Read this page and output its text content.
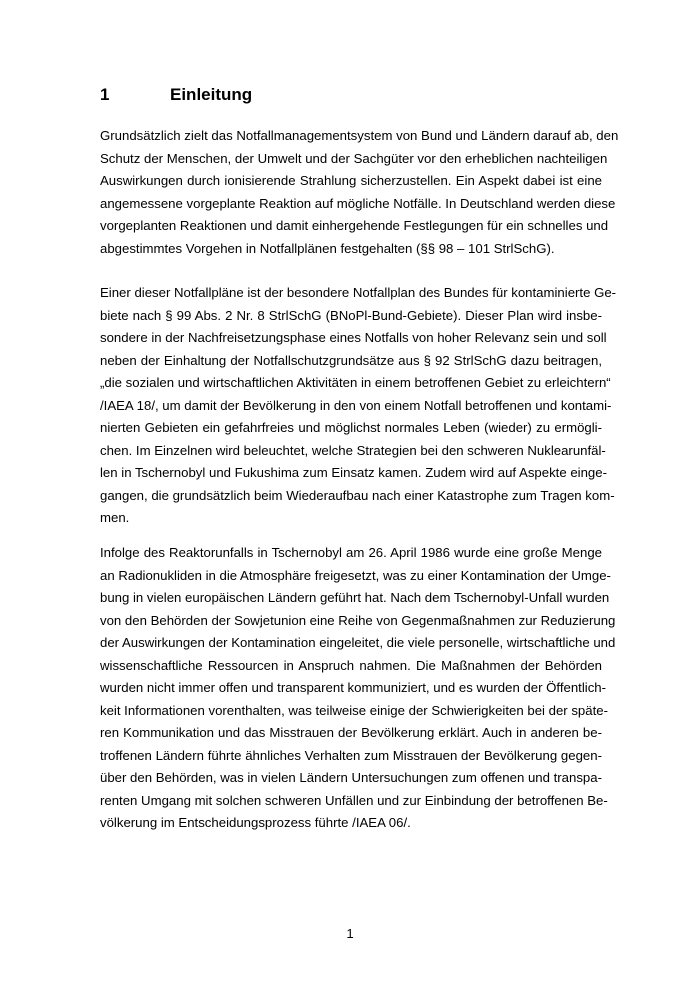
1	Einleitung
Grundsätzlich zielt das Notfallmanagementsystem von Bund und Ländern darauf ab, den
Schutz der Menschen, der Umwelt und der Sachgüter vor den erheblichen nachteiligen
Auswirkungen durch ionisierende Strahlung sicherzustellen. Ein Aspekt dabei ist eine
angemessene vorgeplante Reaktion auf mögliche Notfälle. In Deutschland werden diese
vorgeplanten Reaktionen und damit einhergehende Festlegungen für ein schnelles und
abgestimmtes Vorgehen in Notfallplänen festgehalten (§§ 98 – 101 StrlSchG).
Einer dieser Notfallpläne ist der besondere Notfallplan des Bundes für kontaminierte Ge-
biete nach § 99 Abs. 2 Nr. 8 StrlSchG (BNoPl-Bund-Gebiete). Dieser Plan wird insbe-
sondere in der Nachfreisetzungsphase eines Notfalls von hoher Relevanz sein und soll
neben der Einhaltung der Notfallschutzgrundsätze aus § 92 StrlSchG dazu beitragen,
„die sozialen und wirtschaftlichen Aktivitäten in einem betroffenen Gebiet zu erleichtern“
/IAEA 18/, um damit der Bevölkerung in den von einem Notfall betroffenen und kontami-
nierten Gebieten ein gefahrfreies und möglichst normales Leben (wieder) zu ermögli-
chen. Im Einzelnen wird beleuchtet, welche Strategien bei den schweren Nuklearunfäl-
len in Tschernobyl und Fukushima zum Einsatz kamen. Zudem wird auf Aspekte einge-
gangen, die grundsätzlich beim Wiederaufbau nach einer Katastrophe zum Tragen kom-
men.
Infolge des Reaktorunfalls in Tschernobyl am 26. April 1986 wurde eine große Menge
an Radionukliden in die Atmosphäre freigesetzt, was zu einer Kontamination der Umge-
bung in vielen europäischen Ländern geführt hat. Nach dem Tschernobyl-Unfall wurden
von den Behörden der Sowjetunion eine Reihe von Gegenmaßnahmen zur Reduzierung
der Auswirkungen der Kontamination eingeleitet, die viele personelle, wirtschaftliche und
wissenschaftliche Ressourcen in Anspruch nahmen. Die Maßnahmen der Behörden
wurden nicht immer offen und transparent kommuniziert, und es wurden der Öffentlich-
keit Informationen vorenthalten, was teilweise einige der Schwierigkeiten bei der späte-
ren Kommunikation und das Misstrauen der Bevölkerung erklärt. Auch in anderen be-
troffenen Ländern führte ähnliches Verhalten zum Misstrauen der Bevölkerung gegen-
über den Behörden, was in vielen Ländern Untersuchungen zum offenen und transpa-
renten Umgang mit solchen schweren Unfällen und zur Einbindung der betroffenen Be-
völkerung im Entscheidungsprozess führte /IAEA 06/.
1
